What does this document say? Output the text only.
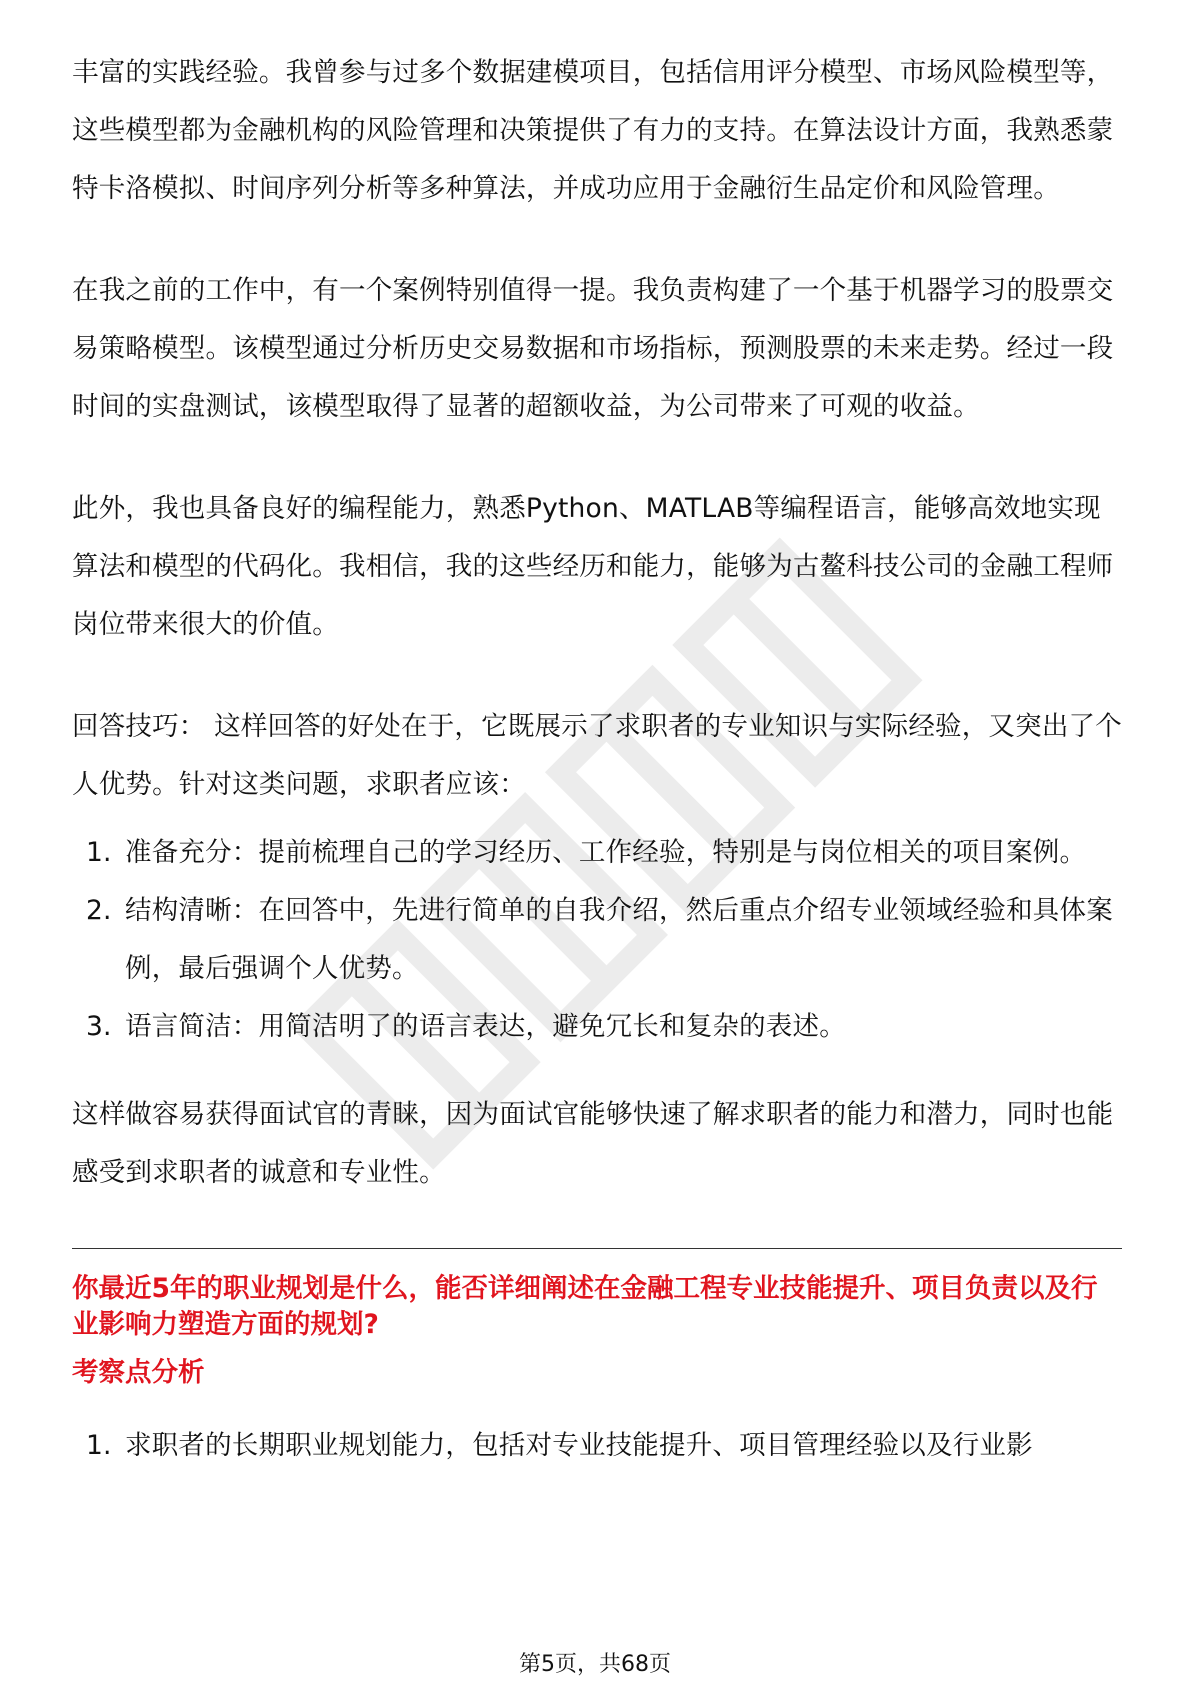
丰富的实践经验。我曾参与过多个数据建模项目，包括信用评分模型、市场风险模型等，这些模型都为金融机构的风险管理和决策提供了有力的支持。在算法设计方面，我熟悉蒙特卡洛模拟、时间序列分析等多种算法，并成功应用于金融衍生品定价和风险管理。

在我之前的工作中，有一个案例特别值得一提。我负责构建了一个基于机器学习的股票交易策略模型。该模型通过分析历史交易数据和市场指标，预测股票的未来走势。经过一段时间的实盘测试，该模型取得了显著的超额收益，为公司带来了可观的收益。

此外，我也具备良好的编程能力，熟悉Python、MATLAB等编程语言，能够高效地实现算法和模型的代码化。我相信，我的这些经历和能力，能够为古鳌科技公司的金融工程师岗位带来很大的价值。

回答技巧： 这样回答的好处在于，它既展示了求职者的专业知识与实际经验，又突出了个人优势。针对这类问题，求职者应该：

1. 准备充分：提前梳理自己的学习经历、工作经验，特别是与岗位相关的项目案例。
2. 结构清晰：在回答中，先进行简单的自我介绍，然后重点介绍专业领域经验和具体案例，最后强调个人优势。
3. 语言简洁：用简洁明了的语言表达，避免冗长和复杂的表述。

这样做容易获得面试官的青睐，因为面试官能够快速了解求职者的能力和潜力，同时也能感受到求职者的诚意和专业性。

你最近5年的职业规划是什么，能否详细阐述在金融工程专业技能提升、项目负责以及行业影响力塑造方面的规划?
考察点分析
1. 求职者的长期职业规划能力，包括对专业技能提升、项目管理经验以及行业影
第5页，共68页
